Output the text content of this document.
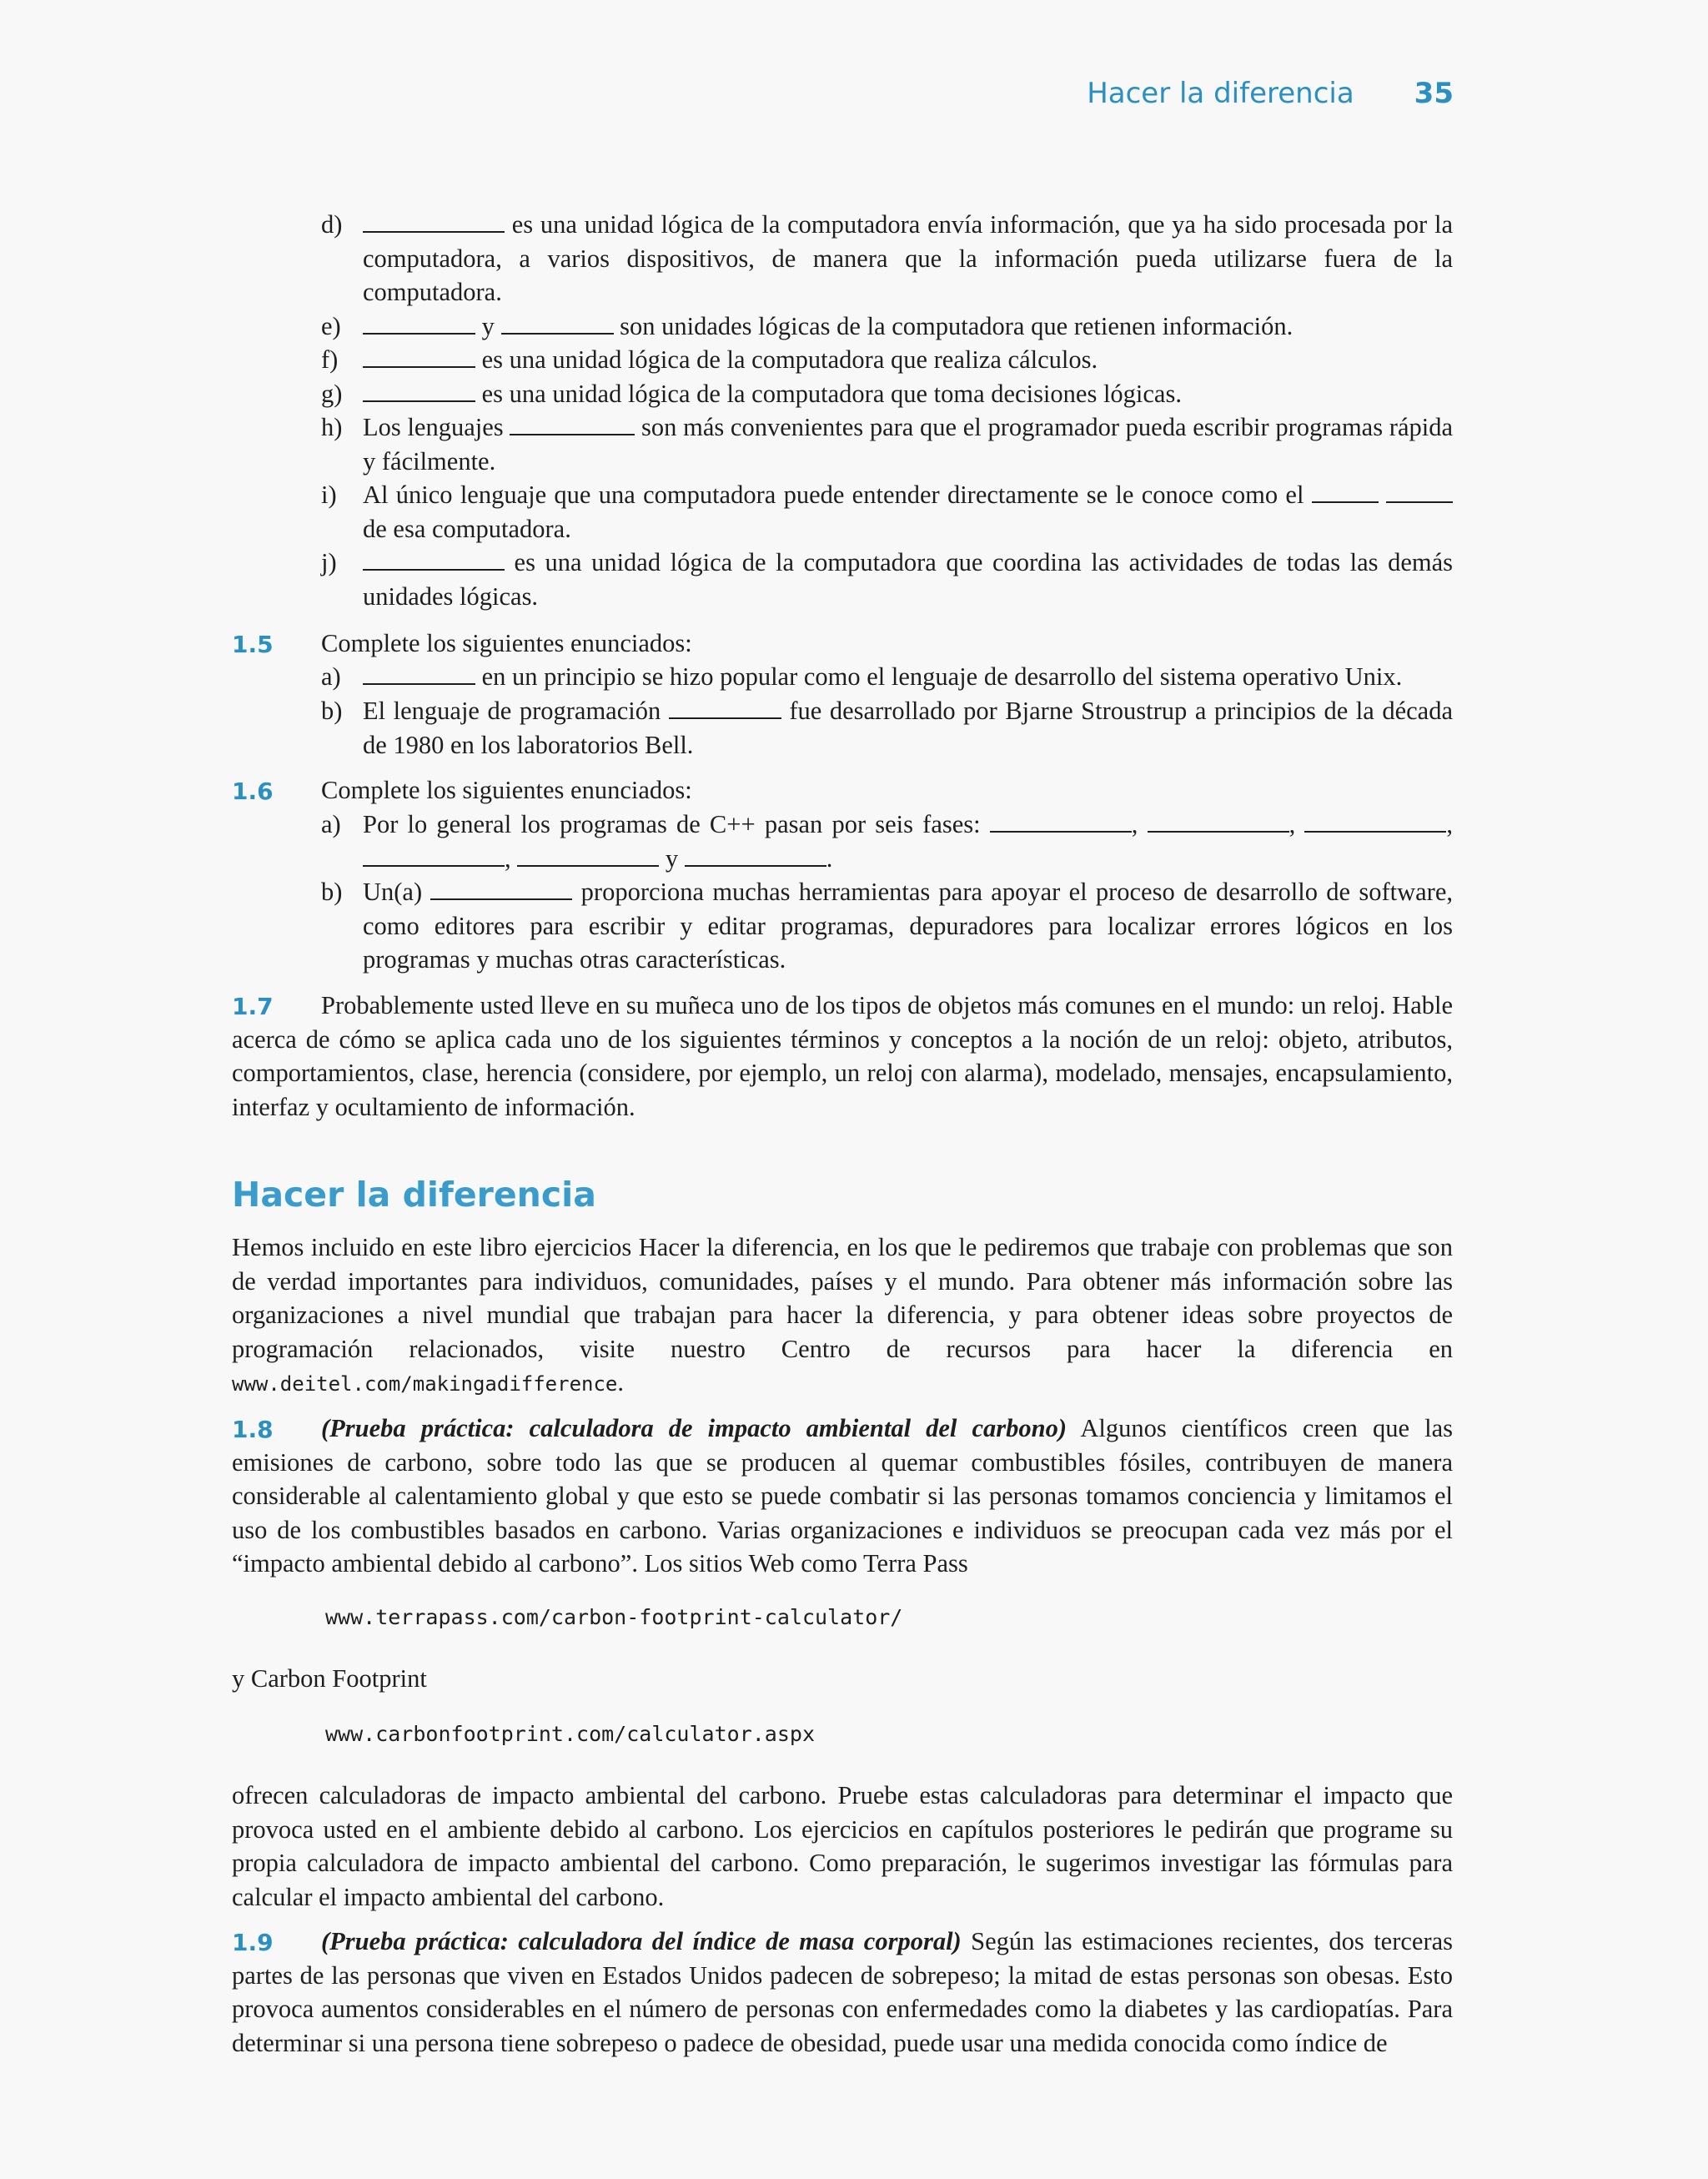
Hacer la diferencia 35
d)	es una unidad lógica de la computadora envía información, que ya ha sido procesada por la computadora, a varios dispositivos, de manera que la información pueda utilizarse fuera de la computadora.
e)	y	son unidades lógicas de la computadora que retienen información.
f)	es una unidad lógica de la computadora que realiza cálculos.
g)	es una unidad lógica de la computadora que toma decisiones lógicas.
h) Los lenguajes	son más convenientes para que el programador pueda escribir programas rápida y fácilmente.
i) Al único lenguaje que una computadora puede entender directamente se le conoce como el   de esa computadora.
j)	es una unidad lógica de la computadora que coordina las actividades de todas las demás unidades lógicas.
1.5 Complete los siguientes enunciados:
a)	en un principio se hizo popular como el lenguaje de desarrollo del sistema operativo Unix.
b) El lenguaje de programación	fue desarrollado por Bjarne Stroustrup a principios de la década de 1980 en los laboratorios Bell.
1.6 Complete los siguientes enunciados:
a) Por lo general los programas de C++ pasan por seis fases:	,	,	, ,	y	.
b) Un(a)	proporciona muchas herramientas para apoyar el proceso de desarrollo de software, como editores para escribir y editar programas, depuradores para localizar errores lógicos en los programas y muchas otras características.
1.7	Probablemente usted lleve en su muñeca uno de los tipos de objetos más comunes en el mundo: un reloj. Hable acerca de cómo se aplica cada uno de los siguientes términos y conceptos a la noción de un reloj: objeto, atributos, comportamientos, clase, herencia (considere, por ejemplo, un reloj con alarma), modelado, mensajes, encapsulamiento, interfaz y ocultamiento de información.
Hacer la diferencia
Hemos incluido en este libro ejercicios Hacer la diferencia, en los que le pediremos que trabaje con problemas que son de verdad importantes para individuos, comunidades, países y el mundo. Para obtener más información sobre las organizaciones a nivel mundial que trabajan para hacer la diferencia, y para obtener ideas sobre proyectos de programación relacionados, visite nuestro Centro de recursos para hacer la diferencia en www.deitel.com/makingadifference.
1.8	(Prueba práctica: calculadora de impacto ambiental del carbono) Algunos científicos creen que las emisiones de carbono, sobre todo las que se producen al quemar combustibles fósiles, contribuyen de manera considerable al calentamiento global y que esto se puede combatir si las personas tomamos conciencia y limitamos el uso de los combustibles basados en carbono. Varias organizaciones e individuos se preocupan cada vez más por el “impacto ambiental debido al carbono”. Los sitios Web como Terra Pass
www.terrapass.com/carbon-footprint-calculator/
y Carbon Footprint
www.carbonfootprint.com/calculator.aspx
ofrecen calculadoras de impacto ambiental del carbono. Pruebe estas calculadoras para determinar el impacto que provoca usted en el ambiente debido al carbono. Los ejercicios en capítulos posteriores le pedirán que programe su propia calculadora de impacto ambiental del carbono. Como preparación, le sugerimos investigar las fórmulas para calcular el impacto ambiental del carbono.
1.9	(Prueba práctica: calculadora del índice de masa corporal) Según las estimaciones recientes, dos terceras partes de las personas que viven en Estados Unidos padecen de sobrepeso; la mitad de estas personas son obesas. Esto provoca aumentos considerables en el número de personas con enfermedades como la diabetes y las cardiopatías. Para determinar si una persona tiene sobrepeso o padece de obesidad, puede usar una medida conocida como índice de
